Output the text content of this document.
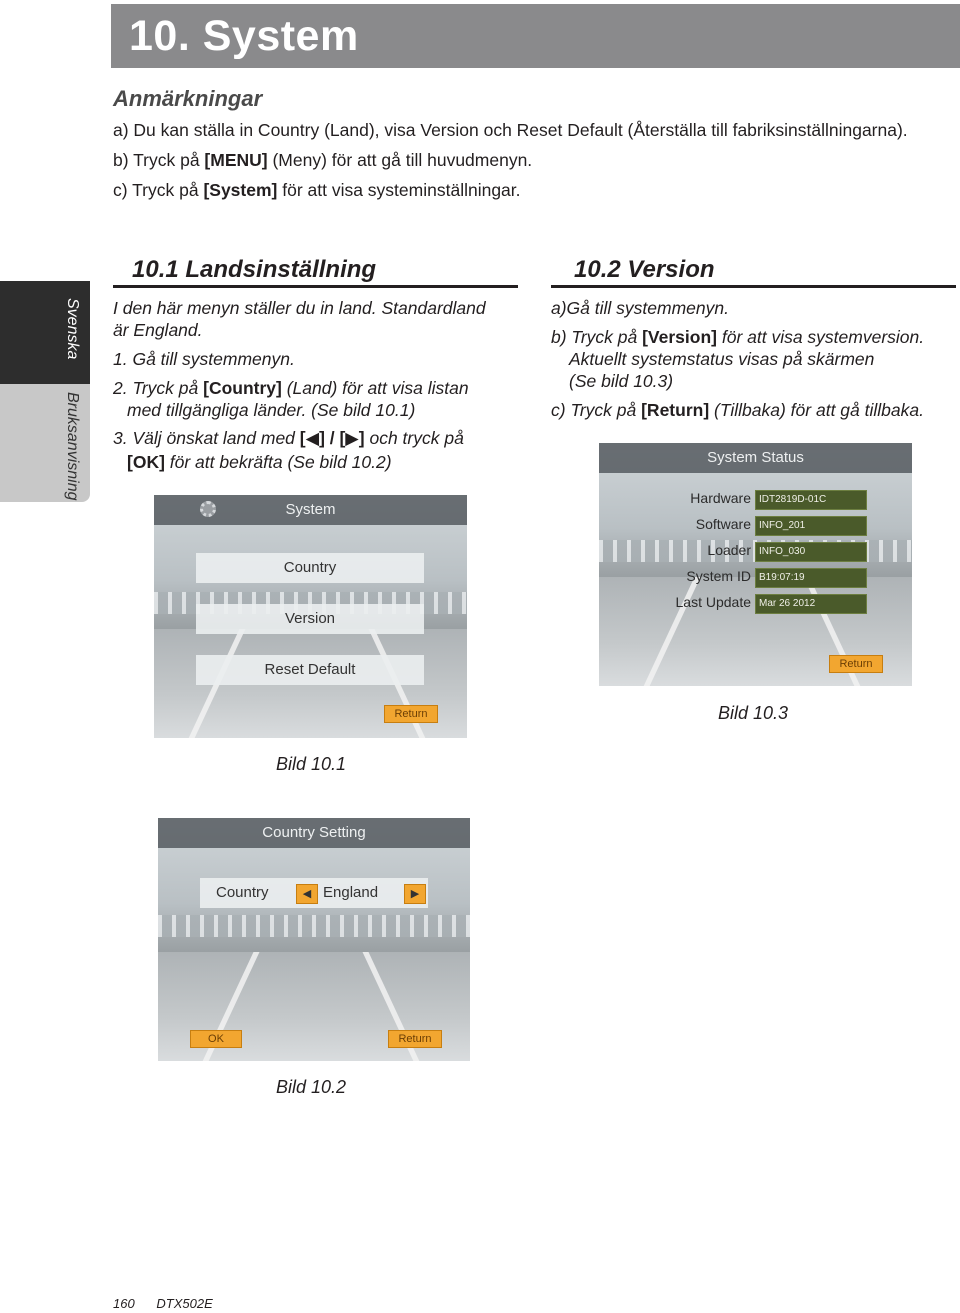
10. System
Anmärkningar
a) Du kan ställa in Country (Land), visa Version och Reset Default (Återställa till fabriksinställningarna).
b) Tryck på [MENU] (Meny) för att gå till huvudmenyn.
c) Tryck på [System] för att visa systeminställningar.
Svenska
Bruksanvisning
10.1 Landsinställning
I den här menyn ställer du in land. Standardland
är England.
1. Gå till systemmenyn.
2. Tryck på [Country] (Land) för att visa listan
med tillgängliga länder. (Se bild 10.1)
3. Välj önskat land med [◀] / [▶] och tryck på
[OK] för att bekräfta (Se bild 10.2)
10.2 Version
a)Gå till systemmenyn.
b) Tryck på [Version] för att visa systemversion.
Aktuellt systemstatus visas på skärmen
(Se bild 10.3)
c) Tryck på [Return] (Tillbaka) för att gå tillbaka.
System
Country
Version
Reset Default
Return
Bild 10.1
Country Setting
Country	◀ England	▶
OK	Return
Bild 10.2
System Status
Hardware IDT2819D-01C
Software INFO_201
Loader INFO_030
System ID B19:07:19
Last Update Mar 26 2012
Return
Bild 10.3
160 DTX502E
